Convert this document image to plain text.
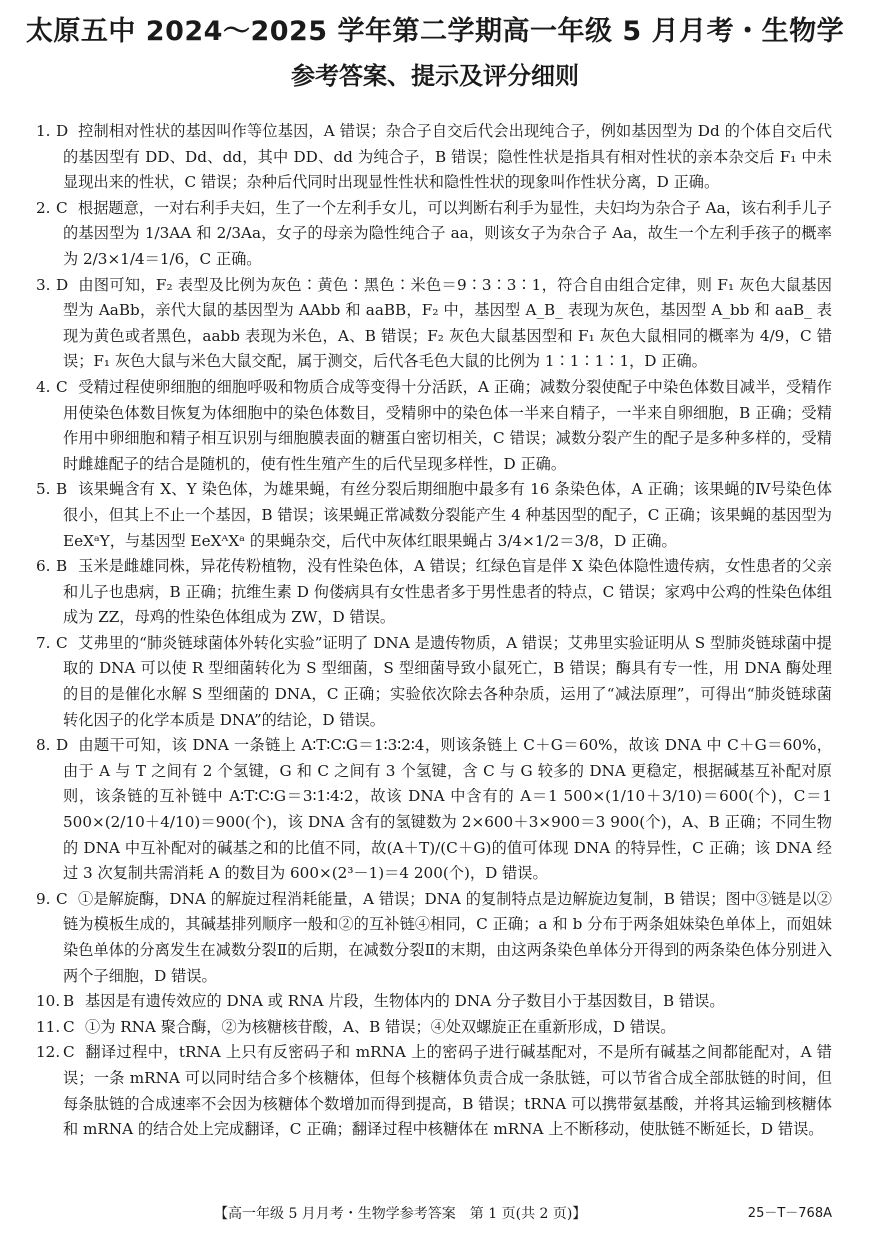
太原五中 2024～2025 学年第二学期高一年级 5 月月考・生物学
参考答案、提示及评分细则

1. D 控制相对性状的基因叫作等位基因，A 错误；杂合子自交后代会出现纯合子，例如基因型为 Dd 的个体自交后代的基因型有 DD、Dd、dd，其中 DD、dd 为纯合子，B 错误；隐性性状是指具有相对性状的亲本杂交后 F₁ 中未显现出来的性状，C 错误；杂种后代同时出现显性性状和隐性性状的现象叫作性状分离，D 正确。

2. C 根据题意，一对右利手夫妇，生了一个左利手女儿，可以判断右利手为显性，夫妇均为杂合子 Aa，该右利手儿子的基因型为 1/3AA 和 2/3Aa，女子的母亲为隐性纯合子 aa，则该女子为杂合子 Aa，故生一个左利手孩子的概率为 2/3×1/4＝1/6，C 正确。

3. D 由图可知，F₂ 表型及比例为灰色∶黄色∶黑色∶米色＝9∶3∶3∶1，符合自由组合定律，则 F₁ 灰色大鼠基因型为 AaBb，亲代大鼠的基因型为 AAbb 和 aaBB，F₂ 中，基因型 A_B_ 表现为灰色，基因型 A_bb 和 aaB_ 表现为黄色或者黑色，aabb 表现为米色，A、B 错误；F₂ 灰色大鼠基因型和 F₁ 灰色大鼠相同的概率为 4/9，C 错误；F₁ 灰色大鼠与米色大鼠交配，属于测交，后代各毛色大鼠的比例为 1∶1∶1∶1，D 正确。

4. C 受精过程使卵细胞的细胞呼吸和物质合成等变得十分活跃，A 正确；减数分裂使配子中染色体数目减半，受精作用使染色体数目恢复为体细胞中的染色体数目，受精卵中的染色体一半来自精子，一半来自卵细胞，B 正确；受精作用中卵细胞和精子相互识别与细胞膜表面的糖蛋白密切相关，C 错误；减数分裂产生的配子是多种多样的，受精时雌雄配子的结合是随机的，使有性生殖产生的后代呈现多样性，D 正确。

5. B 该果蝇含有 X、Y 染色体，为雄果蝇，有丝分裂后期细胞中最多有 16 条染色体，A 正确；该果蝇的Ⅳ号染色体很小，但其上不止一个基因，B 错误；该果蝇正常减数分裂能产生 4 种基因型的配子，C 正确；该果蝇的基因型为 EeXᵃY，与基因型 EeXᴬXᵃ 的果蝇杂交，后代中灰体红眼果蝇占 3/4×1/2＝3/8，D 正确。

6. B 玉米是雌雄同株，异花传粉植物，没有性染色体，A 错误；红绿色盲是伴 X 染色体隐性遗传病，女性患者的父亲和儿子也患病，B 正确；抗维生素 D 佝偻病具有女性患者多于男性患者的特点，C 错误；家鸡中公鸡的性染色体组成为 ZZ，母鸡的性染色体组成为 ZW，D 错误。

7. C 艾弗里的“肺炎链球菌体外转化实验”证明了 DNA 是遗传物质，A 错误；艾弗里实验证明从 S 型肺炎链球菌中提取的 DNA 可以使 R 型细菌转化为 S 型细菌，S 型细菌导致小鼠死亡，B 错误；酶具有专一性，用 DNA 酶处理的目的是催化水解 S 型细菌的 DNA，C 正确；实验依次除去各种杂质，运用了“减法原理”，可得出“肺炎链球菌转化因子的化学本质是 DNA”的结论，D 错误。

8. D 由题干可知，该 DNA 一条链上 A∶T∶C∶G＝1∶3∶2∶4，则该条链上 C＋G＝60%，故该 DNA 中 C＋G＝60%，由于 A 与 T 之间有 2 个氢键，G 和 C 之间有 3 个氢键，含 C 与 G 较多的 DNA 更稳定，根据碱基互补配对原则，该条链的互补链中 A∶T∶C∶G＝3∶1∶4∶2，故该 DNA 中含有的 A＝1 500×(1/10＋3/10)＝600(个)，C＝1 500×(2/10＋4/10)＝900(个)，该 DNA 含有的氢键数为 2×600＋3×900＝3 900(个)，A、B 正确；不同生物的 DNA 中互补配对的碱基之和的比值不同，故(A＋T)/(C＋G)的值可体现 DNA 的特异性，C 正确；该 DNA 经过 3 次复制共需消耗 A 的数目为 600×(2³－1)＝4 200(个)，D 错误。

9. C ①是解旋酶，DNA 的解旋过程消耗能量，A 错误；DNA 的复制特点是边解旋边复制，B 错误；图中③链是以②链为模板生成的，其碱基排列顺序一般和②的互补链④相同，C 正确；a 和 b 分布于两条姐妹染色单体上，而姐妹染色单体的分离发生在减数分裂Ⅱ的后期，在减数分裂Ⅱ的末期，由这两条染色单体分开得到的两条染色体分别进入两个子细胞，D 错误。

10. B 基因是有遗传效应的 DNA 或 RNA 片段，生物体内的 DNA 分子数目小于基因数目，B 错误。

11. C ①为 RNA 聚合酶，②为核糖核苷酸，A、B 错误；④处双螺旋正在重新形成，D 错误。

12. C 翻译过程中，tRNA 上只有反密码子和 mRNA 上的密码子进行碱基配对，不是所有碱基之间都能配对，A 错误；一条 mRNA 可以同时结合多个核糖体，但每个核糖体负责合成一条肽链，可以节省合成全部肽链的时间，但每条肽链的合成速率不会因为核糖体个数增加而得到提高，B 错误；tRNA 可以携带氨基酸，并将其运输到核糖体和 mRNA 的结合处上完成翻译，C 正确；翻译过程中核糖体在 mRNA 上不断移动，使肽链不断延长，D 错误。

【高一年级 5 月月考・生物学参考答案　第 1 页(共 2 页)】	25－T－768A
